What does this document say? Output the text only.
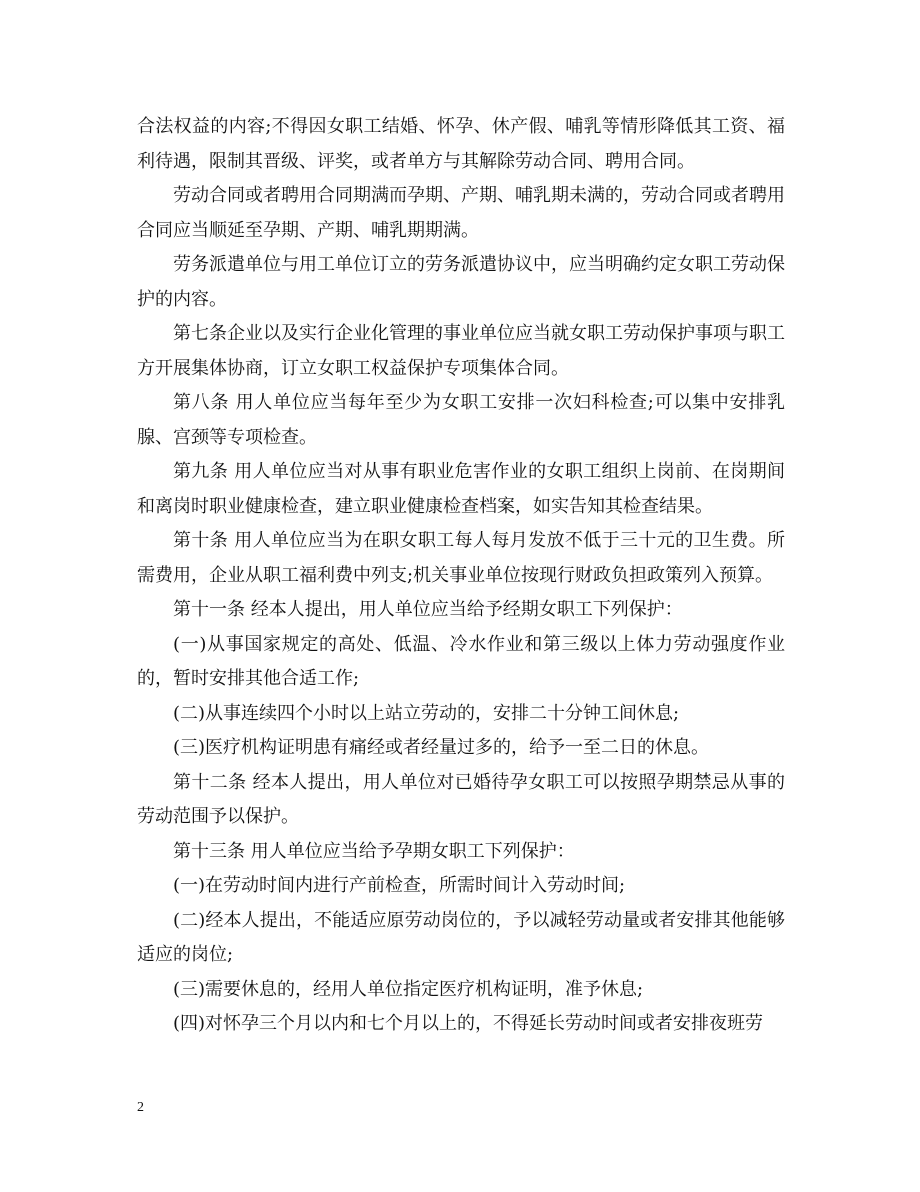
合法权益的内容;不得因女职工结婚、怀孕、休产假、哺乳等情形降低其工资、福利待遇，限制其晋级、评奖，或者单方与其解除劳动合同、聘用合同。

劳动合同或者聘用合同期满而孕期、产期、哺乳期未满的，劳动合同或者聘用合同应当顺延至孕期、产期、哺乳期期满。

劳务派遣单位与用工单位订立的劳务派遣协议中，应当明确约定女职工劳动保护的内容。

第七条企业以及实行企业化管理的事业单位应当就女职工劳动保护事项与职工方开展集体协商，订立女职工权益保护专项集体合同。

第八条 用人单位应当每年至少为女职工安排一次妇科检查;可以集中安排乳腺、宫颈等专项检查。

第九条 用人单位应当对从事有职业危害作业的女职工组织上岗前、在岗期间和离岗时职业健康检查，建立职业健康检查档案，如实告知其检查结果。

第十条 用人单位应当为在职女职工每人每月发放不低于三十元的卫生费。所需费用，企业从职工福利费中列支;机关事业单位按现行财政负担政策列入预算。

第十一条 经本人提出，用人单位应当给予经期女职工下列保护：

(一)从事国家规定的高处、低温、冷水作业和第三级以上体力劳动强度作业的，暂时安排其他合适工作;

(二)从事连续四个小时以上站立劳动的，安排二十分钟工间休息;

(三)医疗机构证明患有痛经或者经量过多的，给予一至二日的休息。

第十二条 经本人提出，用人单位对已婚待孕女职工可以按照孕期禁忌从事的劳动范围予以保护。

第十三条 用人单位应当给予孕期女职工下列保护：

(一)在劳动时间内进行产前检查，所需时间计入劳动时间;

(二)经本人提出，不能适应原劳动岗位的，予以减轻劳动量或者安排其他能够适应的岗位;

(三)需要休息的，经用人单位指定医疗机构证明，准予休息;

(四)对怀孕三个月以内和七个月以上的，不得延长劳动时间或者安排夜班劳

2
